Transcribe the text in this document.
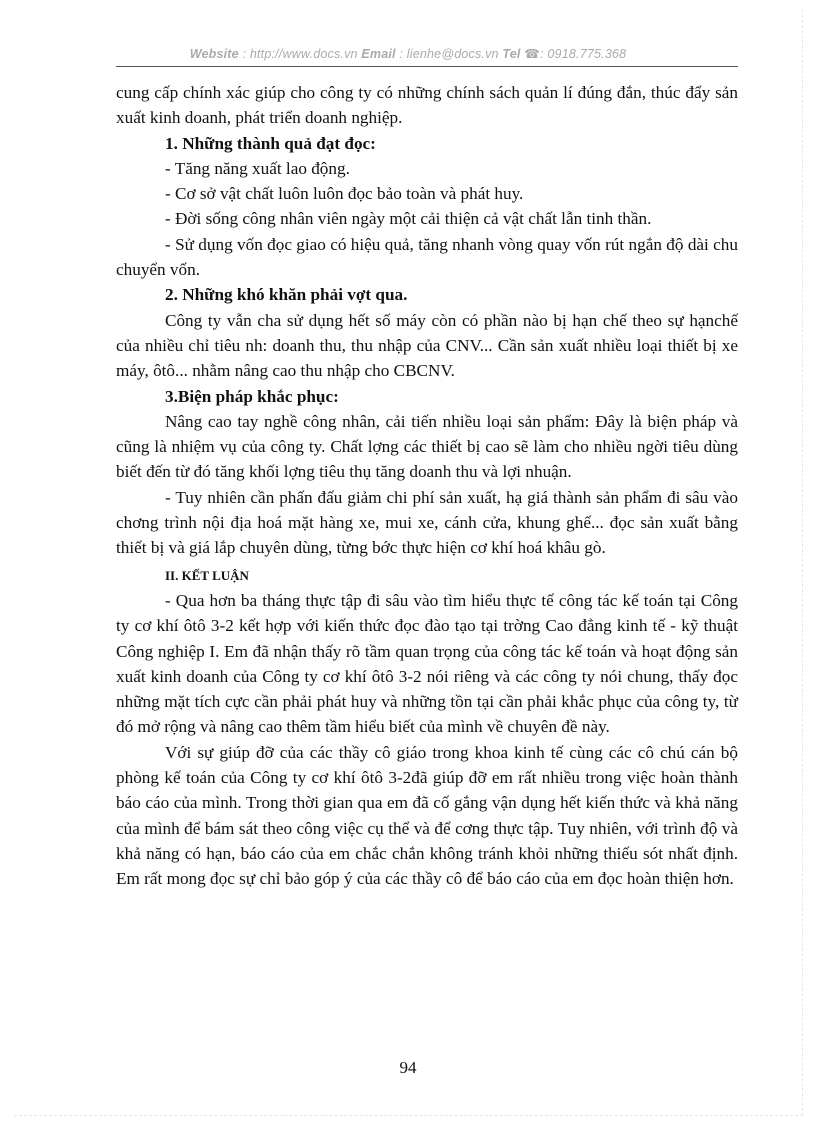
Website : http://www.docs.vn Email : lienhe@docs.vn Tel ☎: 0918.775.368

cung cấp chính xác giúp cho công ty có những chính sách quản lí đúng đắn, thúc đẩy sản xuất kinh doanh, phát triển doanh nghiệp.

1. Những thành quả đạt đọc:

- Tăng năng xuất lao động.

- Cơ sở vật chất luôn luôn đọc bảo toàn và phát huy.

- Đời sống công nhân viên ngày một cải thiện cả vật chất lẫn tinh thần.

- Sử dụng vốn đọc giao có hiệu quả, tăng nhanh vòng quay vốn rút ngắn độ dài chu chuyển vốn.

2. Những khó khăn phải vợt qua.

Công ty vẫn cha sử dụng hết số máy còn có phần nào bị hạn chế theo sự hạnchế của nhiều chỉ tiêu nh: doanh thu, thu nhập của CNV... Cần sản xuất nhiều loại thiết bị xe máy, ôtô... nhằm nâng cao thu nhập cho CBCNV.

3.Biện pháp khắc phục:

Nâng cao tay nghề công nhân, cải tiến nhiều loại sản phẩm: Đây là biện pháp và cũng là nhiệm vụ của công ty. Chất lợng các thiết bị cao sẽ làm cho nhiều ngời tiêu dùng biết đến từ đó tăng khối lợng tiêu thụ tăng doanh thu và lợi nhuận.

- Tuy nhiên cần phấn đấu giảm chi phí sản xuất, hạ giá thành sản phẩm đi sâu vào chơng trình nội địa hoá mặt hàng xe, mui xe, cánh cửa, khung ghế... đọc sản xuất bằng thiết bị và giá lắp chuyên dùng, từng bớc thực hiện cơ khí hoá khâu gò.

II. KẾT LUẬN

- Qua hơn ba tháng thực tập đi sâu vào tìm hiểu thực tế công tác kế toán tại Công ty cơ khí ôtô 3-2 kết hợp với kiến thức đọc đào tạo tại trờng Cao đẳng kinh tế - kỹ thuật Công nghiệp I. Em đã nhận thấy rõ tầm quan trọng của công tác kế toán và hoạt động sản xuất kinh doanh của Công ty cơ khí ôtô 3-2 nói riêng và các công ty nói chung, thấy đọc những mặt tích cực cần phải phát huy và những tồn tại cần phải khắc phục của công ty, từ đó mở rộng và nâng cao thêm tầm hiểu biết của mình về chuyên đề này.

Với sự giúp đỡ của các thầy cô giáo trong khoa kinh tế cùng các cô chú cán bộ phòng kế toán của Công ty cơ khí ôtô 3-2đã giúp đỡ em rất nhiều trong việc hoàn thành báo cáo của mình. Trong thời gian qua em đã cố gắng vận dụng hết kiến thức và khả năng của mình để bám sát theo công việc cụ thể và để cơng thực tập. Tuy nhiên, với trình độ và khả năng có hạn, báo cáo của em chắc chắn không tránh khỏi những thiếu sót nhất định. Em rất mong đọc sự chỉ bảo góp ý của các thầy cô để báo cáo của em đọc hoàn thiện hơn.

94
